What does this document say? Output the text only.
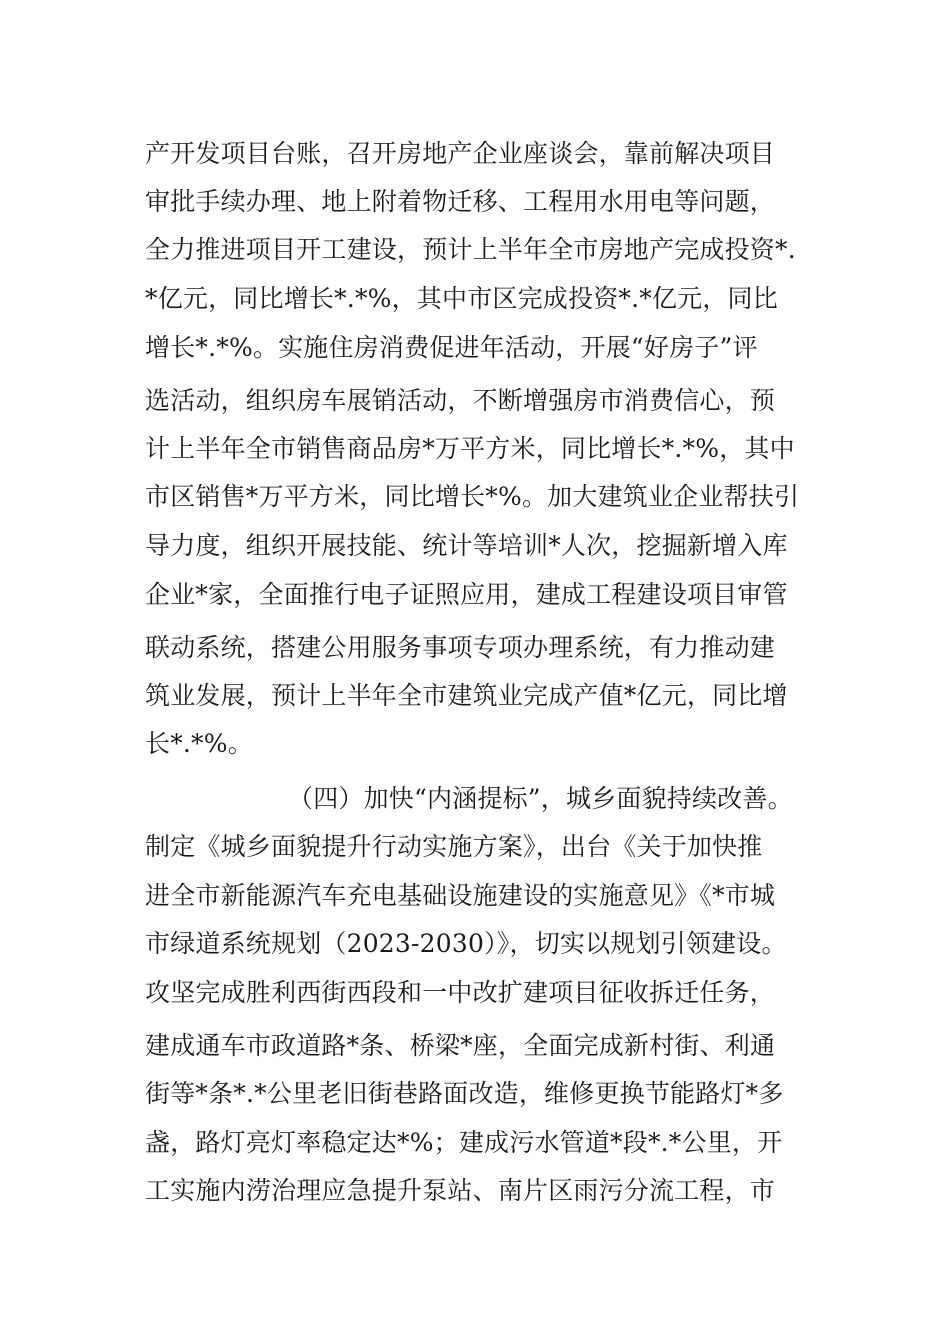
产开发项目台账，召开房地产企业座谈会，靠前解决项目
审批手续办理、地上附着物迁移、工程用水用电等问题，
全力推进项目开工建设，预计上半年全市房地产完成投资*.
*亿元，同比增长*.*%，其中市区完成投资*.*亿元，同比
增长*.*%。实施住房消费促进年活动，开展“好房子”评
选活动，组织房车展销活动，不断增强房市消费信心，预
计上半年全市销售商品房*万平方米，同比增长*.*%，其中
市区销售*万平方米，同比增长*%。加大建筑业企业帮扶引
导力度，组织开展技能、统计等培训*人次，挖掘新增入库
企业*家，全面推行电子证照应用，建成工程建设项目审管
联动系统，搭建公用服务事项专项办理系统，有力推动建
筑业发展，预计上半年全市建筑业完成产值*亿元，同比增
长*.*%。
（四）加快“内涵提标”，城乡面貌持续改善。
制定《城乡面貌提升行动实施方案》，出台《关于加快推
进全市新能源汽车充电基础设施建设的实施意见》《*市城
市绿道系统规划（2023-2030）》，切实以规划引领建设。
攻坚完成胜利西街西段和一中改扩建项目征收拆迁任务，
建成通车市政道路*条、桥梁*座，全面完成新村街、利通
街等*条*.*公里老旧街巷路面改造，维修更换节能路灯*多
盏，路灯亮灯率稳定达*%；建成污水管道*段*.*公里，开
工实施内涝治理应急提升泵站、南片区雨污分流工程，市
